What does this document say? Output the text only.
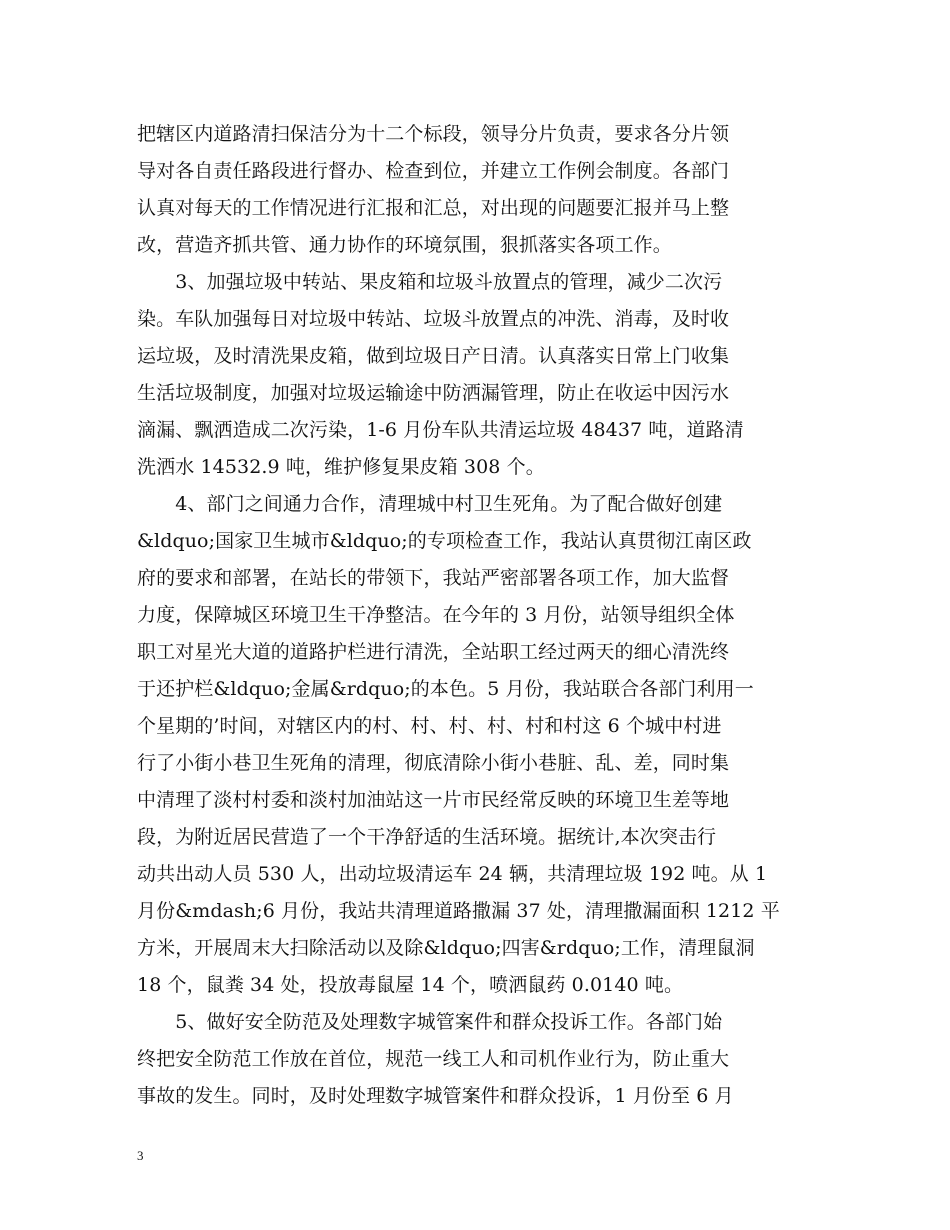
把辖区内道路清扫保洁分为十二个标段，领导分片负责，要求各分片领
导对各自责任路段进行督办、检查到位，并建立工作例会制度。各部门
认真对每天的工作情况进行汇报和汇总，对出现的问题要汇报并马上整
改，营造齐抓共管、通力协作的环境氛围，狠抓落实各项工作。

　　3、加强垃圾中转站、果皮箱和垃圾斗放置点的管理，减少二次污
染。车队加强每日对垃圾中转站、垃圾斗放置点的冲洗、消毒，及时收
运垃圾，及时清洗果皮箱，做到垃圾日产日清。认真落实日常上门收集
生活垃圾制度，加强对垃圾运输途中防洒漏管理，防止在收运中因污水
滴漏、飘洒造成二次污染，1-6 月份车队共清运垃圾 48437 吨，道路清
洗洒水 14532.9 吨，维护修复果皮箱 308 个。

　　4、部门之间通力合作，清理城中村卫生死角。为了配合做好创建
&ldquo;国家卫生城市&ldquo;的专项检查工作，我站认真贯彻江南区政
府的要求和部署，在站长的带领下，我站严密部署各项工作，加大监督
力度，保障城区环境卫生干净整洁。在今年的 3 月份，站领导组织全体
职工对星光大道的道路护栏进行清洗，全站职工经过两天的细心清洗终
于还护栏&ldquo;金属&rdquo;的本色。5 月份，我站联合各部门利用一
个星期的’时间，对辖区内的村、村、村、村、村和村这 6 个城中村进
行了小街小巷卫生死角的清理，彻底清除小街小巷脏、乱、差，同时集
中清理了淡村村委和淡村加油站这一片市民经常反映的环境卫生差等地
段，为附近居民营造了一个干净舒适的生活环境。据统计,本次突击行
动共出动人员 530 人，出动垃圾清运车 24 辆，共清理垃圾 192 吨。从 1
月份&mdash;6 月份，我站共清理道路撒漏 37 处，清理撒漏面积 1212 平
方米，开展周末大扫除活动以及除&ldquo;四害&rdquo;工作，清理鼠洞
18 个，鼠粪 34 处，投放毒鼠屋 14 个，喷洒鼠药 0.0140 吨。

　　5、做好安全防范及处理数字城管案件和群众投诉工作。各部门始
终把安全防范工作放在首位，规范一线工人和司机作业行为，防止重大
事故的发生。同时，及时处理数字城管案件和群众投诉，1 月份至 6 月

3
